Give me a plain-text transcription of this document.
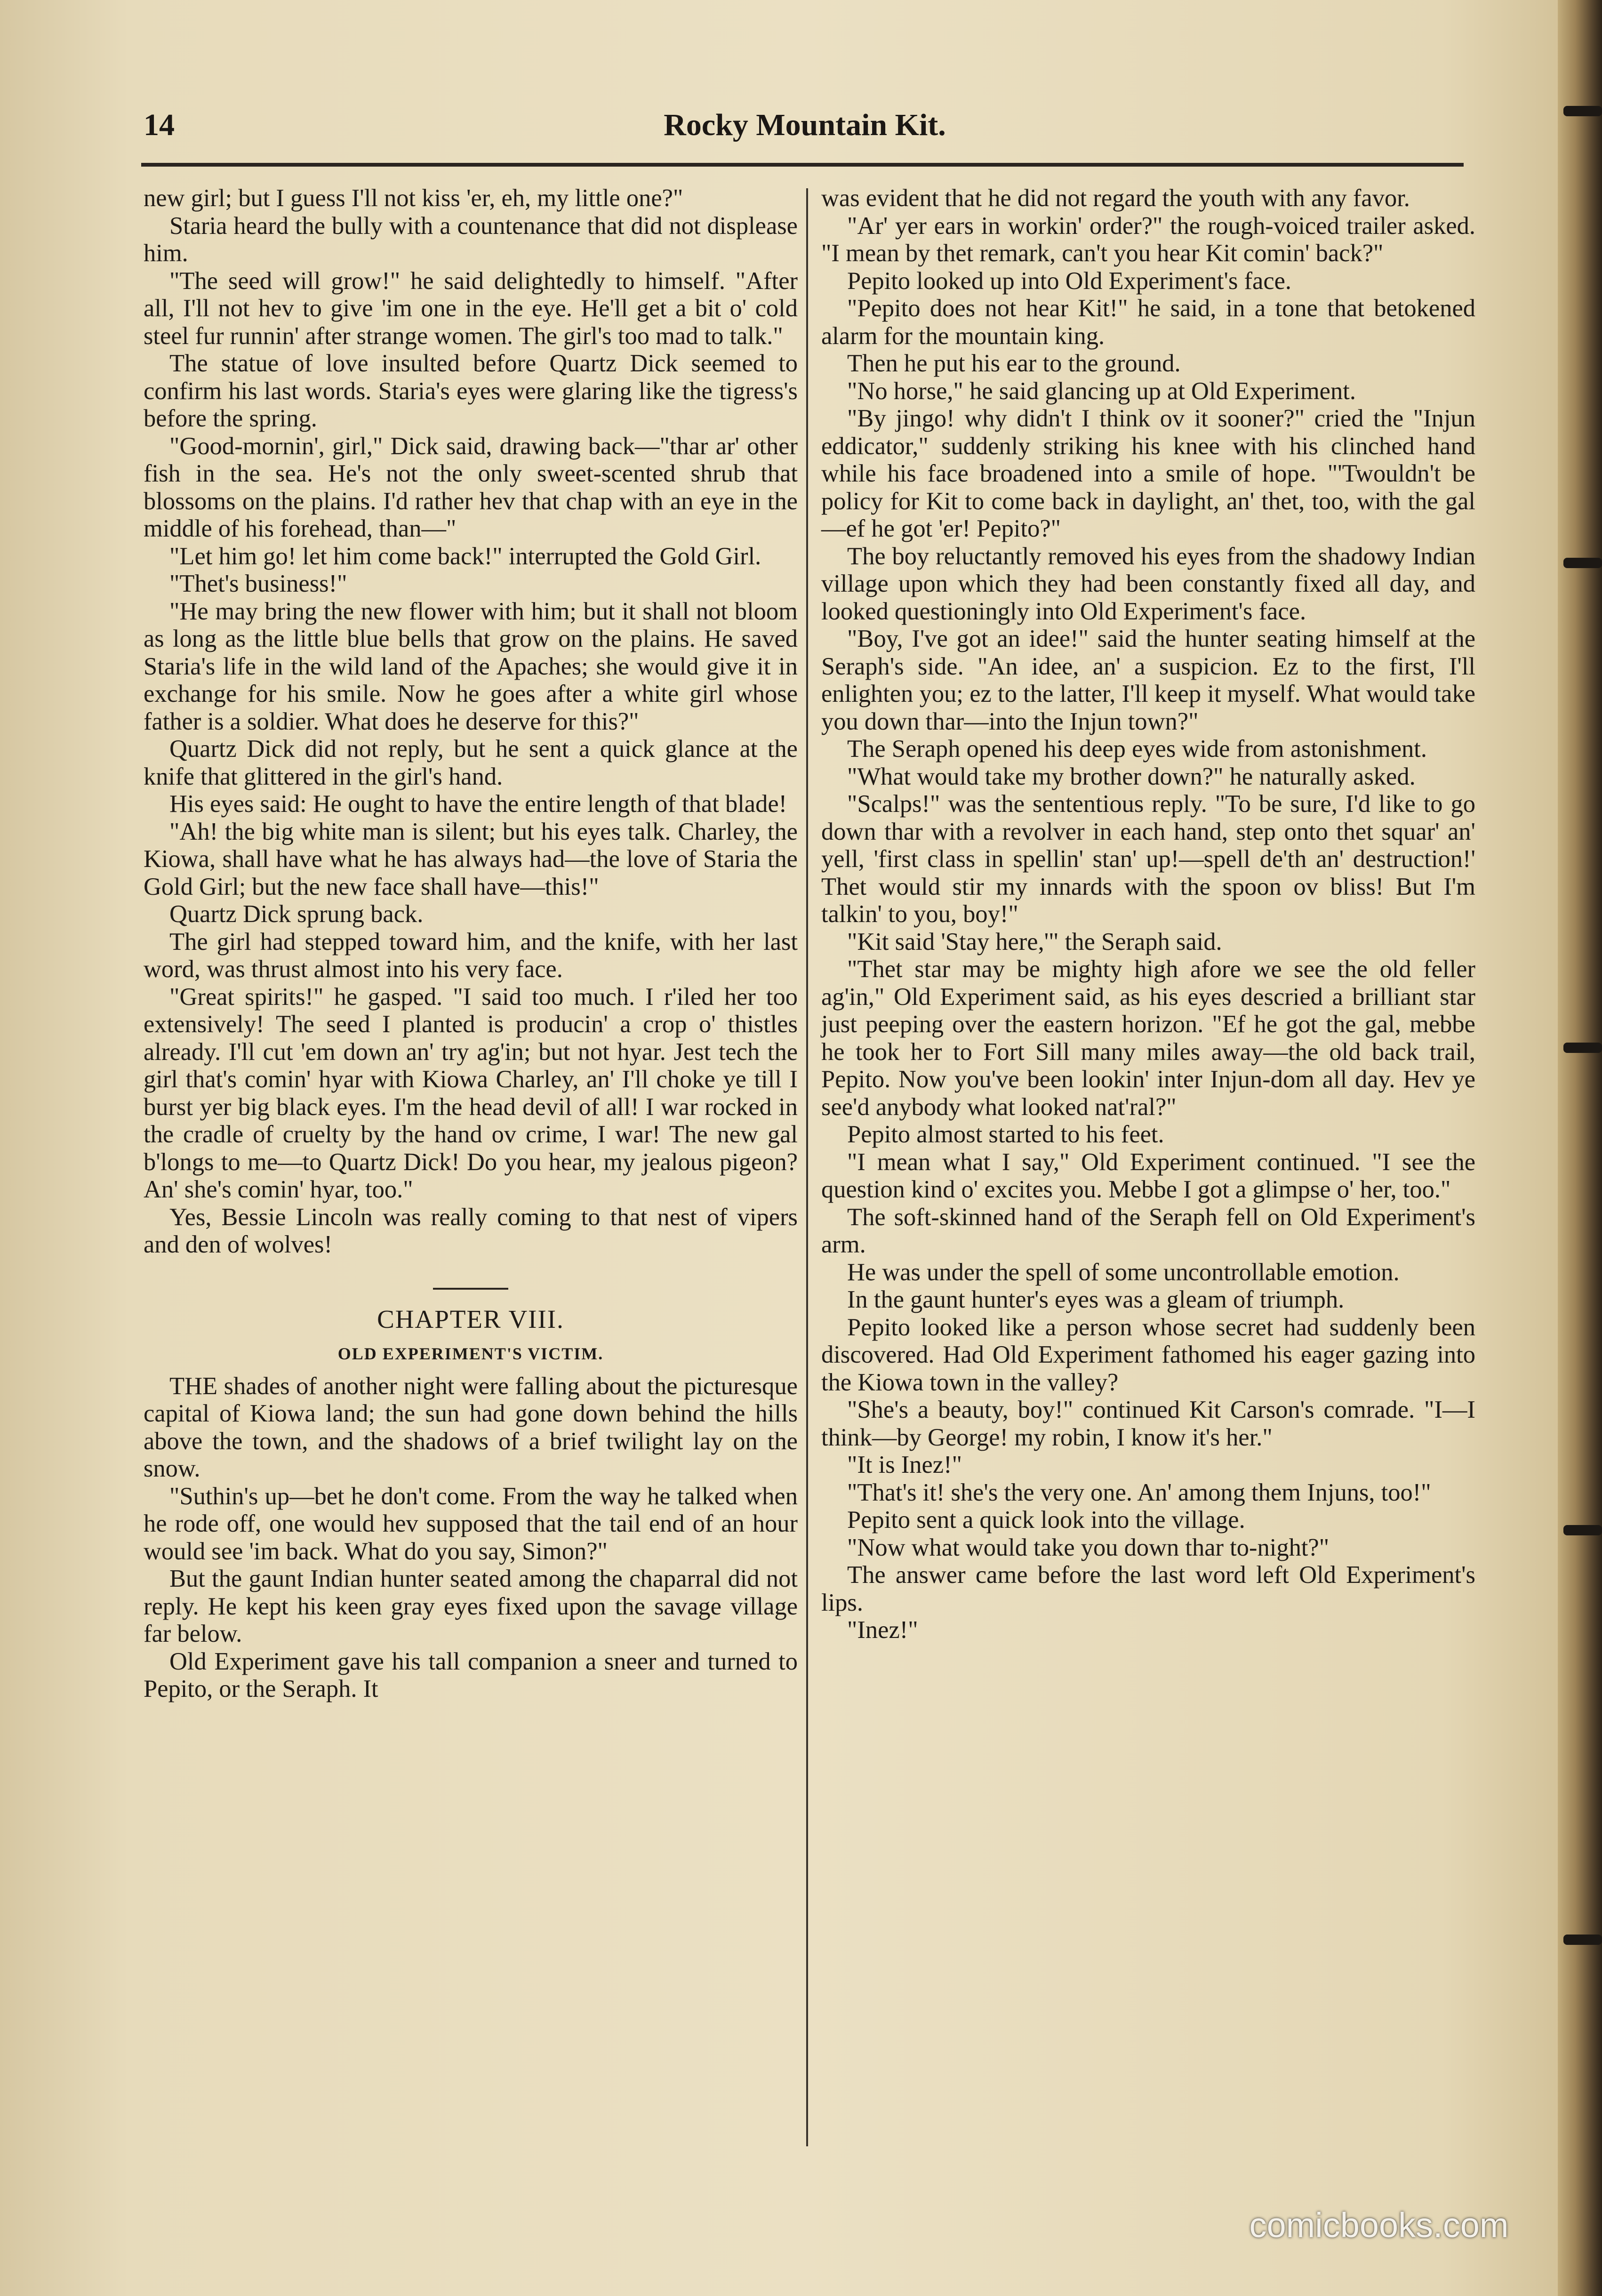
14	Rocky Mountain Kit.

new girl; but I guess I'll not kiss 'er, eh, my little one?"

Staria heard the bully with a countenance that did not displease him.

"The seed will grow!" he said delightedly to himself. "After all, I'll not hev to give 'im one in the eye. He'll get a bit o' cold steel fur runnin' after strange women. The girl's too mad to talk."

The statue of love insulted before Quartz Dick seemed to confirm his last words. Staria's eyes were glaring like the tigress's before the spring.

"Good-mornin', girl," Dick said, drawing back—"thar ar' other fish in the sea. He's not the only sweet-scented shrub that blossoms on the plains. I'd rather hev that chap with an eye in the middle of his forehead, than—"

"Let him go! let him come back!" interrupted the Gold Girl.

"Thet's business!"

"He may bring the new flower with him; but it shall not bloom as long as the little blue bells that grow on the plains. He saved Staria's life in the wild land of the Apaches; she would give it in exchange for his smile. Now he goes after a white girl whose father is a soldier. What does he deserve for this?"

Quartz Dick did not reply, but he sent a quick glance at the knife that glittered in the girl's hand.

His eyes said: He ought to have the entire length of that blade!

"Ah! the big white man is silent; but his eyes talk. Charley, the Kiowa, shall have what he has always had—the love of Staria the Gold Girl; but the new face shall have—this!"

Quartz Dick sprung back.

The girl had stepped toward him, and the knife, with her last word, was thrust almost into his very face.

"Great spirits!" he gasped. "I said too much. I r'iled her too extensively! The seed I planted is producin' a crop o' thistles already. I'll cut 'em down an' try ag'in; but not hyar. Jest tech the girl that's comin' hyar with Kiowa Charley, an' I'll choke ye till I burst yer big black eyes. I'm the head devil of all! I war rocked in the cradle of cruelty by the hand ov crime, I war! The new gal b'longs to me—to Quartz Dick! Do you hear, my jealous pigeon? An' she's comin' hyar, too."

Yes, Bessie Lincoln was really coming to that nest of vipers and den of wolves!

CHAPTER VIII.
OLD EXPERIMENT'S VICTIM.

THE shades of another night were falling about the picturesque capital of Kiowa land; the sun had gone down behind the hills above the town, and the shadows of a brief twilight lay on the snow.

"Suthin's up—bet he don't come. From the way he talked when he rode off, one would hev supposed that the tail end of an hour would see 'im back. What do you say, Simon?"

But the gaunt Indian hunter seated among the chaparral did not reply. He kept his keen gray eyes fixed upon the savage village far below.

Old Experiment gave his tall companion a sneer and turned to Pepito, or the Seraph. It

was evident that he did not regard the youth with any favor.

"Ar' yer ears in workin' order?" the rough-voiced trailer asked. "I mean by thet remark, can't you hear Kit comin' back?"

Pepito looked up into Old Experiment's face.

"Pepito does not hear Kit!" he said, in a tone that betokened alarm for the mountain king.

Then he put his ear to the ground.

"No horse," he said glancing up at Old Experiment.

"By jingo! why didn't I think ov it sooner?" cried the "Injun eddicator," suddenly striking his knee with his clinched hand while his face broadened into a smile of hope. "'Twouldn't be policy for Kit to come back in daylight, an' thet, too, with the gal—ef he got 'er! Pepito?"

The boy reluctantly removed his eyes from the shadowy Indian village upon which they had been constantly fixed all day, and looked questioningly into Old Experiment's face.

"Boy, I've got an idee!" said the hunter seating himself at the Seraph's side. "An idee, an' a suspicion. Ez to the first, I'll enlighten you; ez to the latter, I'll keep it myself. What would take you down thar—into the Injun town?"

The Seraph opened his deep eyes wide from astonishment.

"What would take my brother down?" he naturally asked.

"Scalps!" was the sententious reply. "To be sure, I'd like to go down thar with a revolver in each hand, step onto thet squar' an' yell, 'first class in spellin' stan' up!—spell de'th an' destruction!' Thet would stir my innards with the spoon ov bliss! But I'm talkin' to you, boy!"

"Kit said 'Stay here,'" the Seraph said.

"Thet star may be mighty high afore we see the old feller ag'in," Old Experiment said, as his eyes descried a brilliant star just peeping over the eastern horizon. "Ef he got the gal, mebbe he took her to Fort Sill many miles away—the old back trail, Pepito. Now you've been lookin' inter Injun-dom all day. Hev ye see'd anybody what looked nat'ral?"

Pepito almost started to his feet.

"I mean what I say," Old Experiment continued. "I see the question kind o' excites you. Mebbe I got a glimpse o' her, too."

The soft-skinned hand of the Seraph fell on Old Experiment's arm.

He was under the spell of some uncontrollable emotion.

In the gaunt hunter's eyes was a gleam of triumph.

Pepito looked like a person whose secret had suddenly been discovered. Had Old Experiment fathomed his eager gazing into the Kiowa town in the valley?

"She's a beauty, boy!" continued Kit Carson's comrade. "I—I think—by George! my robin, I know it's her."

"It is Inez!"

"That's it! she's the very one. An' among them Injuns, too!"

Pepito sent a quick look into the village.

"Now what would take you down thar to-night?"

The answer came before the last word left Old Experiment's lips.

"Inez!"

comicbooks.com
